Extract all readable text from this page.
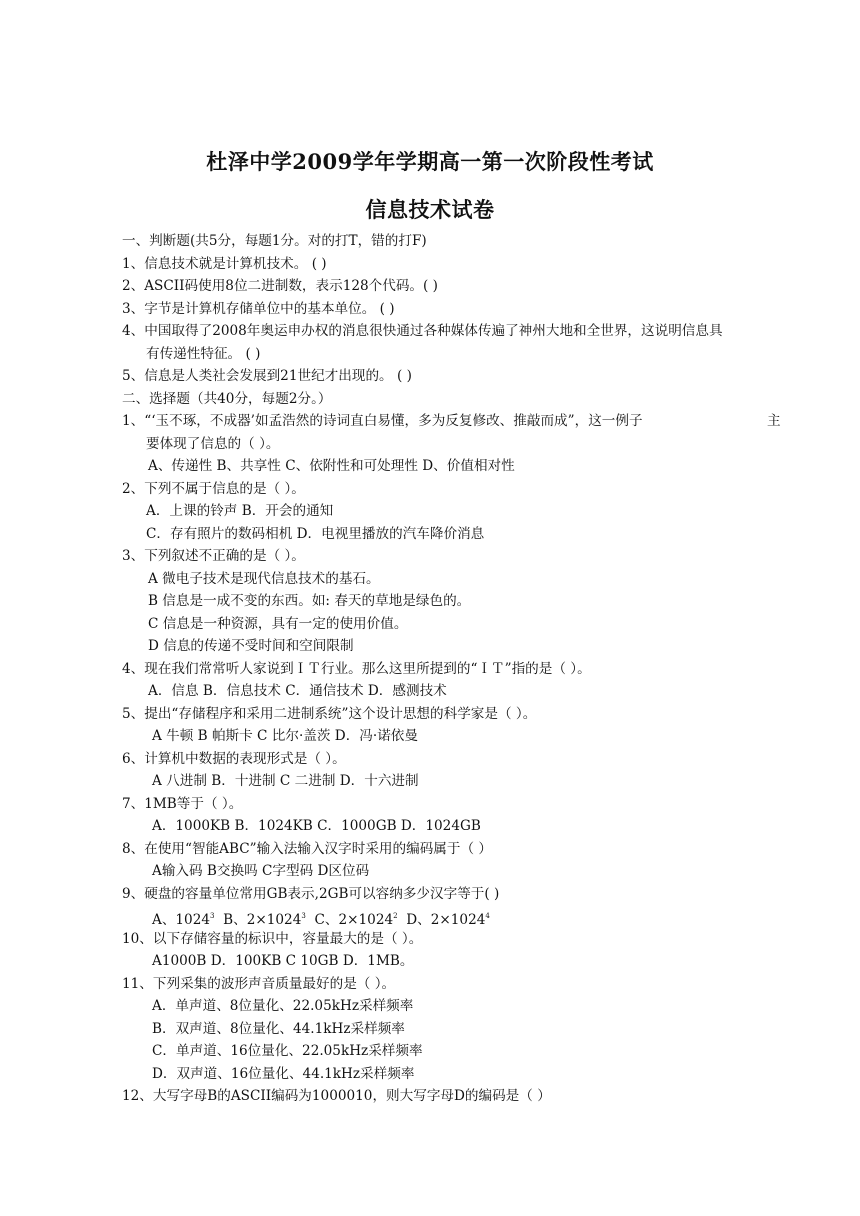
杜泽中学2009学年学期高一第一次阶段性考试
信息技术试卷
一、判断题(共5分，每题1分。对的打T，错的打F)
1、信息技术就是计算机技术。 ( )
2、ASCII码使用8位二进制数，表示128个代码。( )
3、字节是计算机存储单位中的基本单位。 ( )
4、中国取得了2008年奥运申办权的消息很快通过各种媒体传遍了神州大地和全世界，这说明信息具
有传递性特征。 ( )
5、信息是人类社会发展到21世纪才出现的。 ( )
二、选择题（共40分，每题2分。）
1、“‘玉不琢，不成器’如孟浩然的诗词直白易懂，多为反复修改、推敲而成”，这一例子	主
要体现了信息的（ ）。
A、传递性 B、共享性 C、依附性和可处理性 D、价值相对性
2、下列不属于信息的是（ ）。
A．上课的铃声 B．开会的通知
C．存有照片的数码相机 D．电视里播放的汽车降价消息
3、下列叙述不正确的是（ ）。
A 微电子技术是现代信息技术的基石。
B 信息是一成不变的东西。如: 春天的草地是绿色的。
C 信息是一种资源，具有一定的使用价值。
D 信息的传递不受时间和空间限制
4、现在我们常常听人家说到ＩＴ行业。那么这里所提到的“ＩＴ”指的是（ ）。
A．信息 B．信息技术 C．通信技术 D．感测技术
5、提出“存储程序和采用二进制系统”这个设计思想的科学家是（ ）。
A 牛顿 B 帕斯卡 C 比尔·盖茨 D．冯·诺依曼
6、计算机中数据的表现形式是（ ）。
A 八进制 B．十进制 C 二进制 D．十六进制
7、1MB等于（ ）。
A．1000KB B．1024KB C．1000GB D．1024GB
8、在使用“智能ABC”输入法输入汉字时采用的编码属于（ ）
A输入码 B交换吗 C字型码 D区位码
9、硬盘的容量单位常用GB表示,2GB可以容纳多少汉字等于( )
A、1024$^3$ B、$2\times 1024^3$ C、$2\times 1024^2$ D、$2\times 1024^4$
10、以下存储容量的标识中，容量最大的是（ ）。
A1000B D．100KB C 10GB D．1MB。
11、下列采集的波形声音质量最好的是（ ）。
A．单声道、8位量化、22.05kHz采样频率
B．双声道、8位量化、44.1kHz采样频率
C．单声道、16位量化、22.05kHz采样频率
D．双声道、16位量化、44.1kHz采样频率
12、大写字母B的ASCII编码为1000010，则大写字母D的编码是（ ）
